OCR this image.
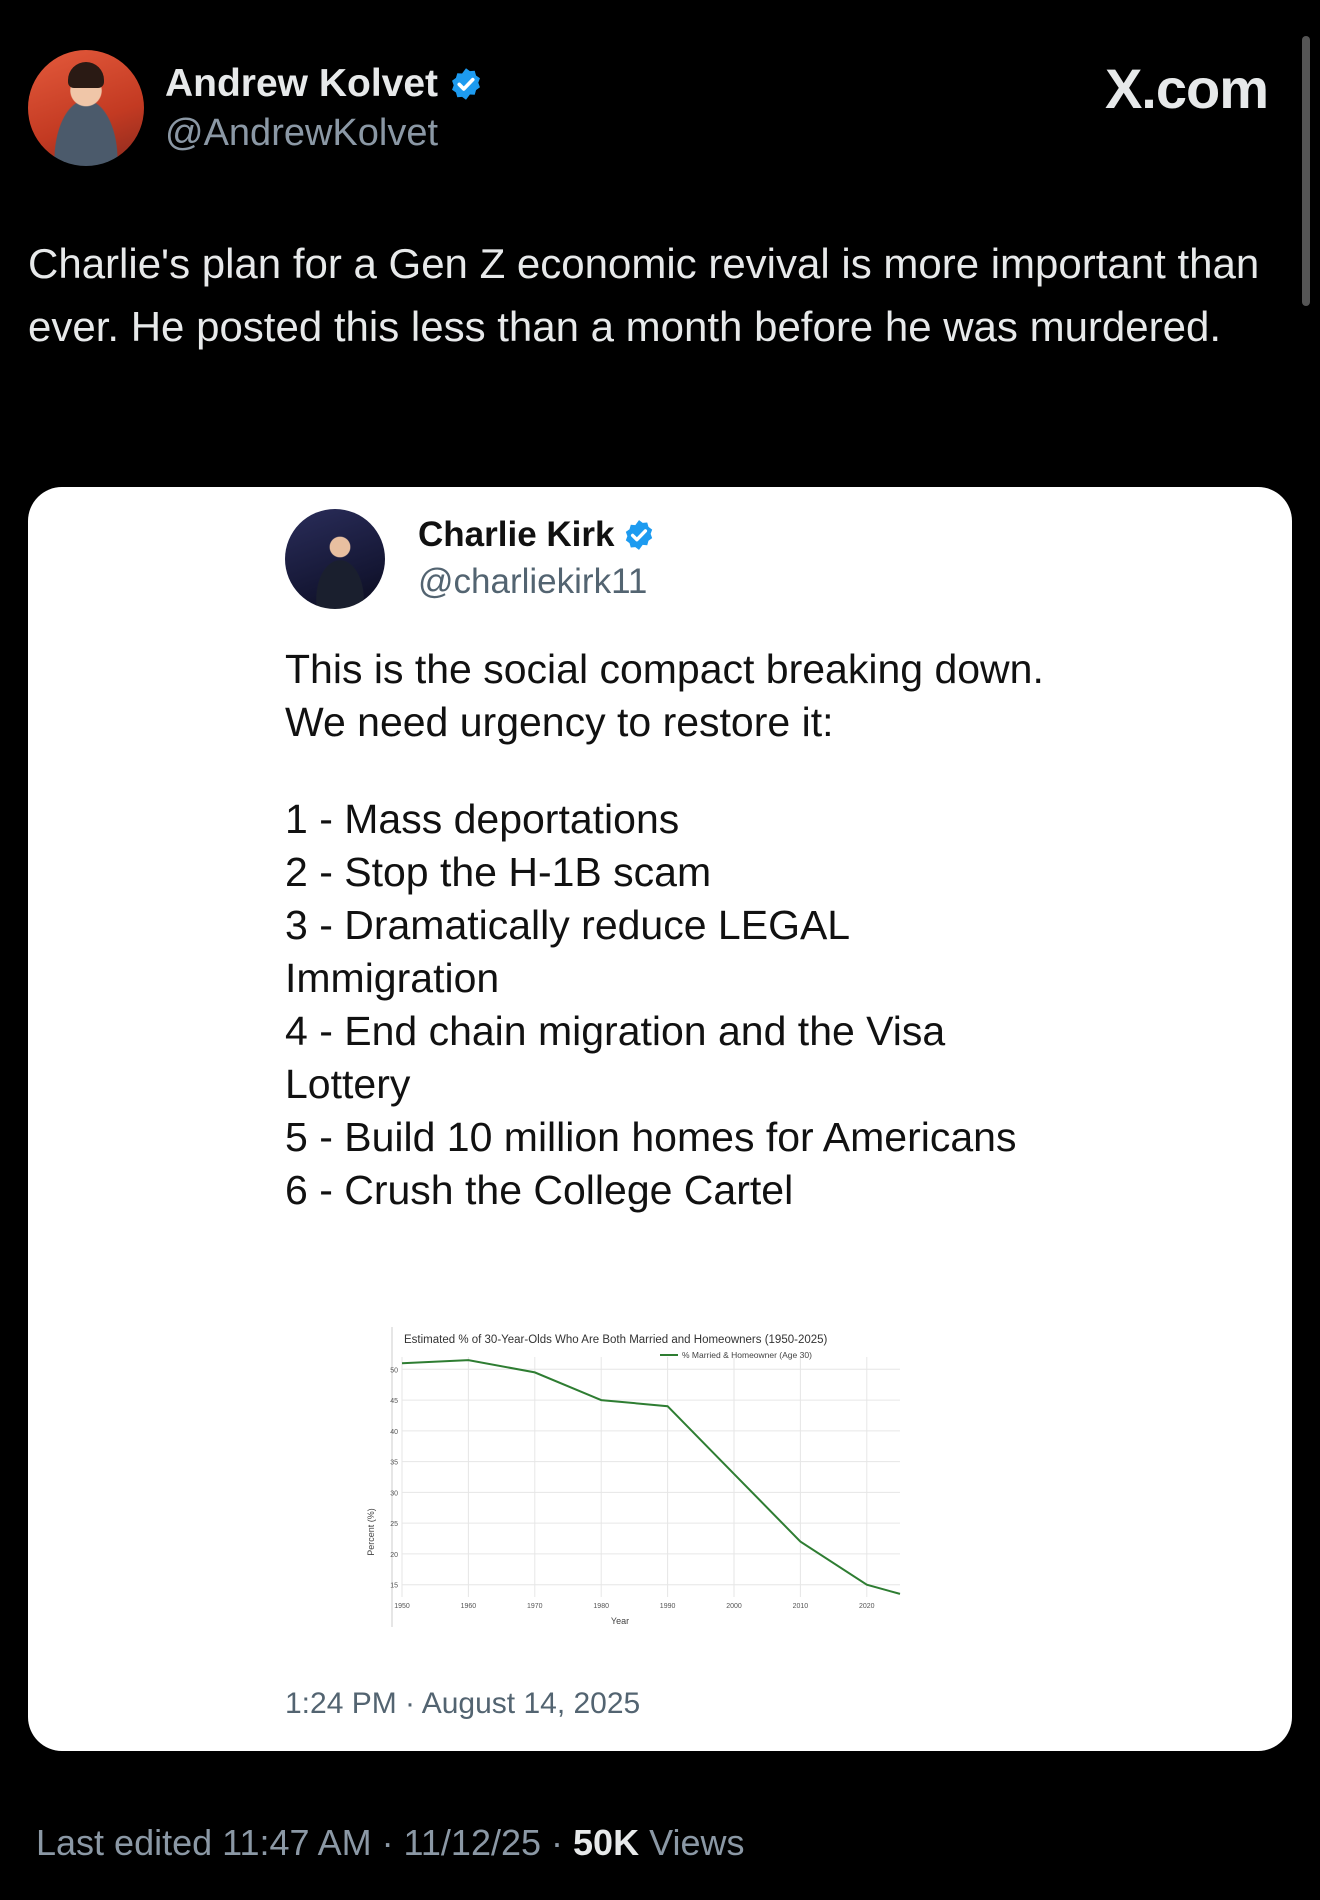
Andrew Kolvet
@AndrewKolvet
X.com
Charlie's plan for a Gen Z economic revival is more important than ever. He posted this less than a month before he was murdered.
Charlie Kirk
@charliekirk11
This is the social compact breaking down. We need urgency to restore it:
1 - Mass deportations
2 - Stop the H-1B scam
3 - Dramatically reduce LEGAL Immigration
4 - End chain migration and the Visa Lottery
5 - Build 10 million homes for Americans
6 - Crush the College Cartel
Estimated % of 30-Year-Olds Who Are Both Married and Homeowners (1950-2025)
15
20
25
30
35
40
45
50
1950	1960	1970	1980	1990	2000	2010	2020
% Married & Homeowner (Age 30)
Year
Percent (%)
1:24 PM · August 14, 2025
Last edited 11:47 AM · 11/12/25 · 50K Views
